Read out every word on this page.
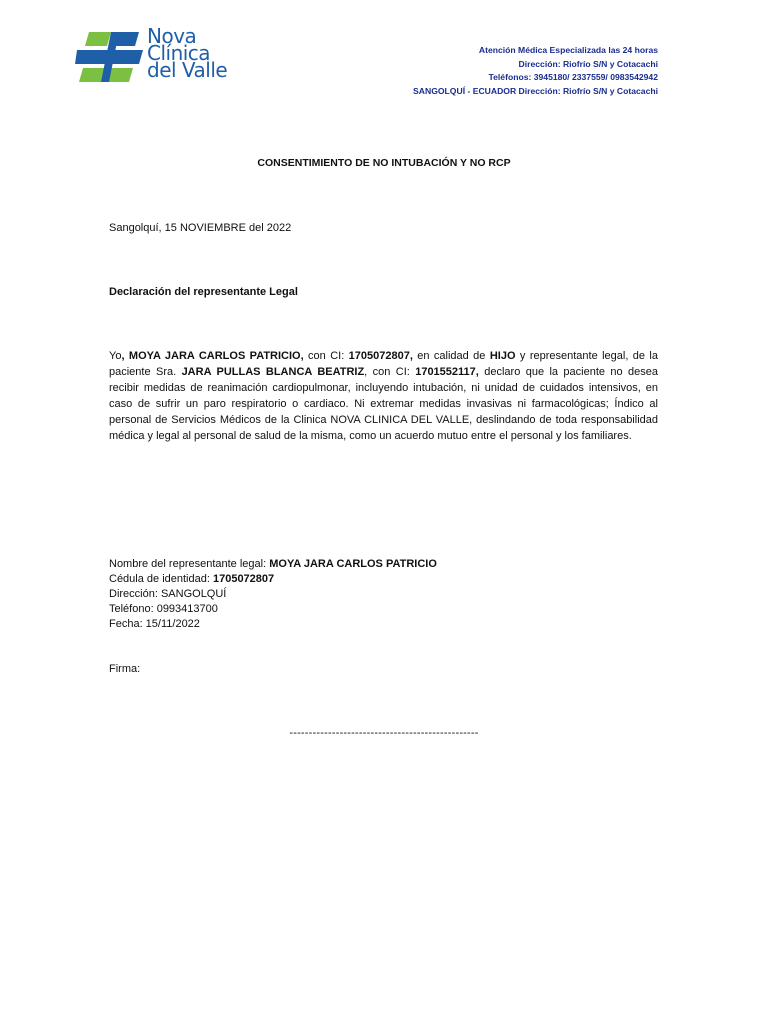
Nova
Clínica
del Valle
Atención Médica Especializada las 24 horas
Dirección: Riofrío S/N y Cotacachi
Teléfonos: 3945180/ 2337559/ 0983542942
SANGOLQUÍ - ECUADOR Dirección: Riofrío S/N y Cotacachi
CONSENTIMIENTO DE NO INTUBACIÓN Y NO RCP
Sangolquí, 15 NOVIEMBRE del 2022
Declaración del representante Legal
Yo, MOYA JARA CARLOS PATRICIO, con CI: 1705072807, en calidad de HIJO y representante legal, de la paciente Sra. JARA PULLAS BLANCA BEATRIZ, con CI: 1701552117, declaro que la paciente no desea recibir medidas de reanimación cardiopulmonar, incluyendo intubación, ni unidad de cuidados intensivos, en caso de sufrir un paro respiratorio o cardiaco. Ni extremar medidas invasivas ni farmacológicas; Índico al personal de Servicios Médicos de la Clinica NOVA CLINICA DEL VALLE, deslindando de toda responsabilidad médica y legal al personal de salud de la misma, como un acuerdo mutuo entre el personal y los familiares.
Nombre del representante legal: MOYA JARA CARLOS PATRICIO
Cédula de identidad: 1705072807
Dirección: SANGOLQUÍ
Teléfono: 0993413700
Fecha: 15/11/2022
Firma:
-------------------------------------------------
